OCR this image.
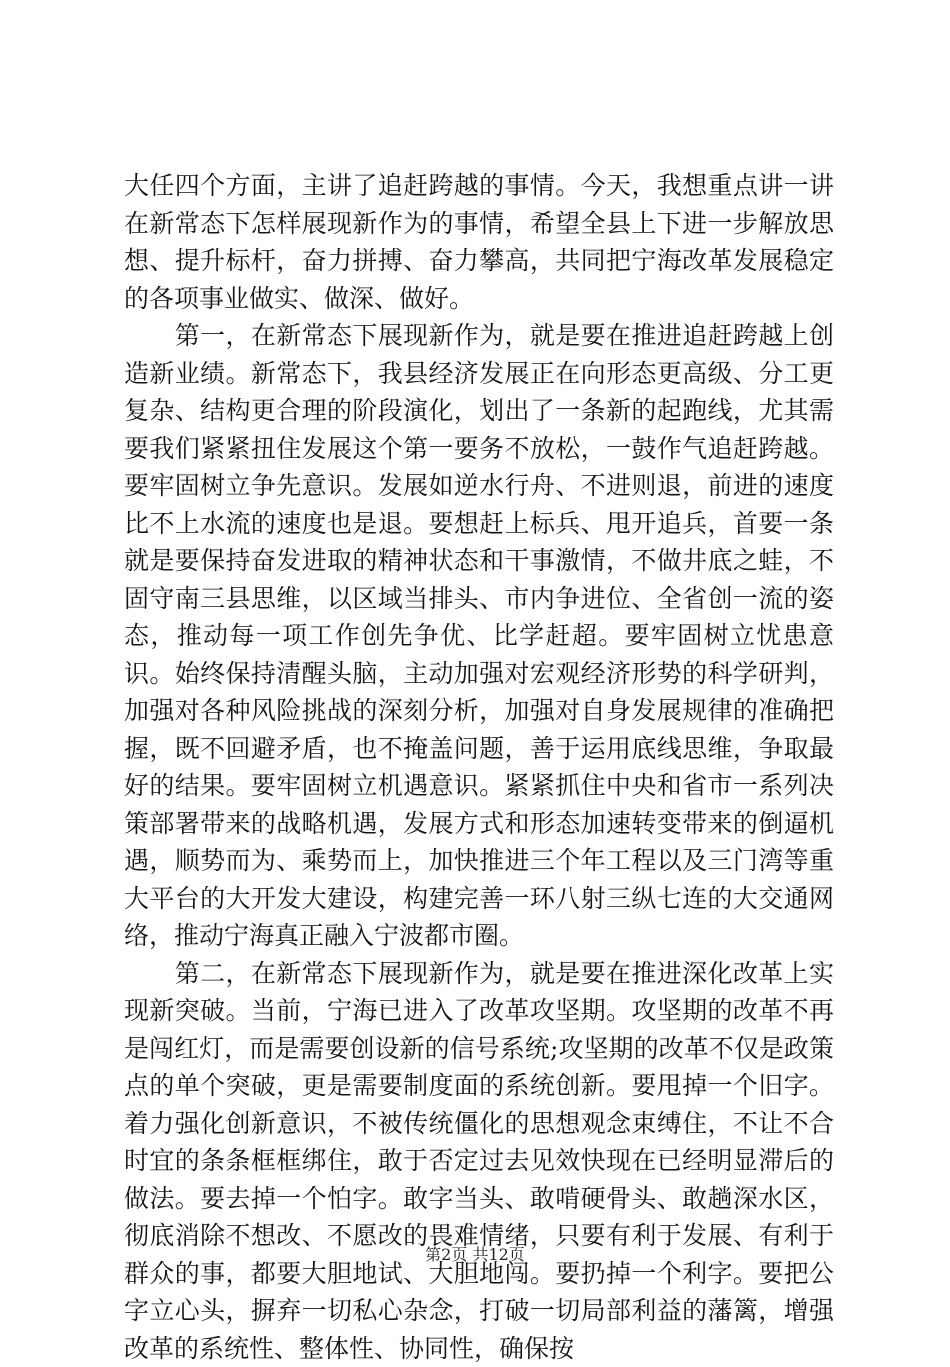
大任四个方面，主讲了追赶跨越的事情。今天，我想重点讲一讲在新常态下怎样展现新作为的事情，希望全县上下进一步解放思想、提升标杆，奋力拼搏、奋力攀高，共同把宁海改革发展稳定的各项事业做实、做深、做好。

　　第一，在新常态下展现新作为，就是要在推进追赶跨越上创造新业绩。新常态下，我县经济发展正在向形态更高级、分工更复杂、结构更合理的阶段演化，划出了一条新的起跑线，尤其需要我们紧紧扭住发展这个第一要务不放松，一鼓作气追赶跨越。要牢固树立争先意识。发展如逆水行舟、不进则退，前进的速度比不上水流的速度也是退。要想赶上标兵、甩开追兵，首要一条就是要保持奋发进取的精神状态和干事激情，不做井底之蛙，不固守南三县思维，以区域当排头、市内争进位、全省创一流的姿态，推动每一项工作创先争优、比学赶超。要牢固树立忧患意识。始终保持清醒头脑，主动加强对宏观经济形势的科学研判，加强对各种风险挑战的深刻分析，加强对自身发展规律的准确把握，既不回避矛盾，也不掩盖问题，善于运用底线思维，争取最好的结果。要牢固树立机遇意识。紧紧抓住中央和省市一系列决策部署带来的战略机遇，发展方式和形态加速转变带来的倒逼机遇，顺势而为、乘势而上，加快推进三个年工程以及三门湾等重大平台的大开发大建设，构建完善一环八射三纵七连的大交通网络，推动宁海真正融入宁波都市圈。

　　第二，在新常态下展现新作为，就是要在推进深化改革上实现新突破。当前，宁海已进入了改革攻坚期。攻坚期的改革不再是闯红灯，而是需要创设新的信号系统;攻坚期的改革不仅是政策点的单个突破，更是需要制度面的系统创新。要甩掉一个旧字。着力强化创新意识，不被传统僵化的思想观念束缚住，不让不合时宜的条条框框绑住，敢于否定过去见效快现在已经明显滞后的做法。要去掉一个怕字。敢字当头、敢啃硬骨头、敢趟深水区，彻底消除不想改、不愿改的畏难情绪，只要有利于发展、有利于群众的事，都要大胆地试、大胆地闯。要扔掉一个利字。要把公字立心头，摒弃一切私心杂念，打破一切局部利益的藩篱，增强改革的系统性、整体性、协同性，确保按

第2页 共12页
